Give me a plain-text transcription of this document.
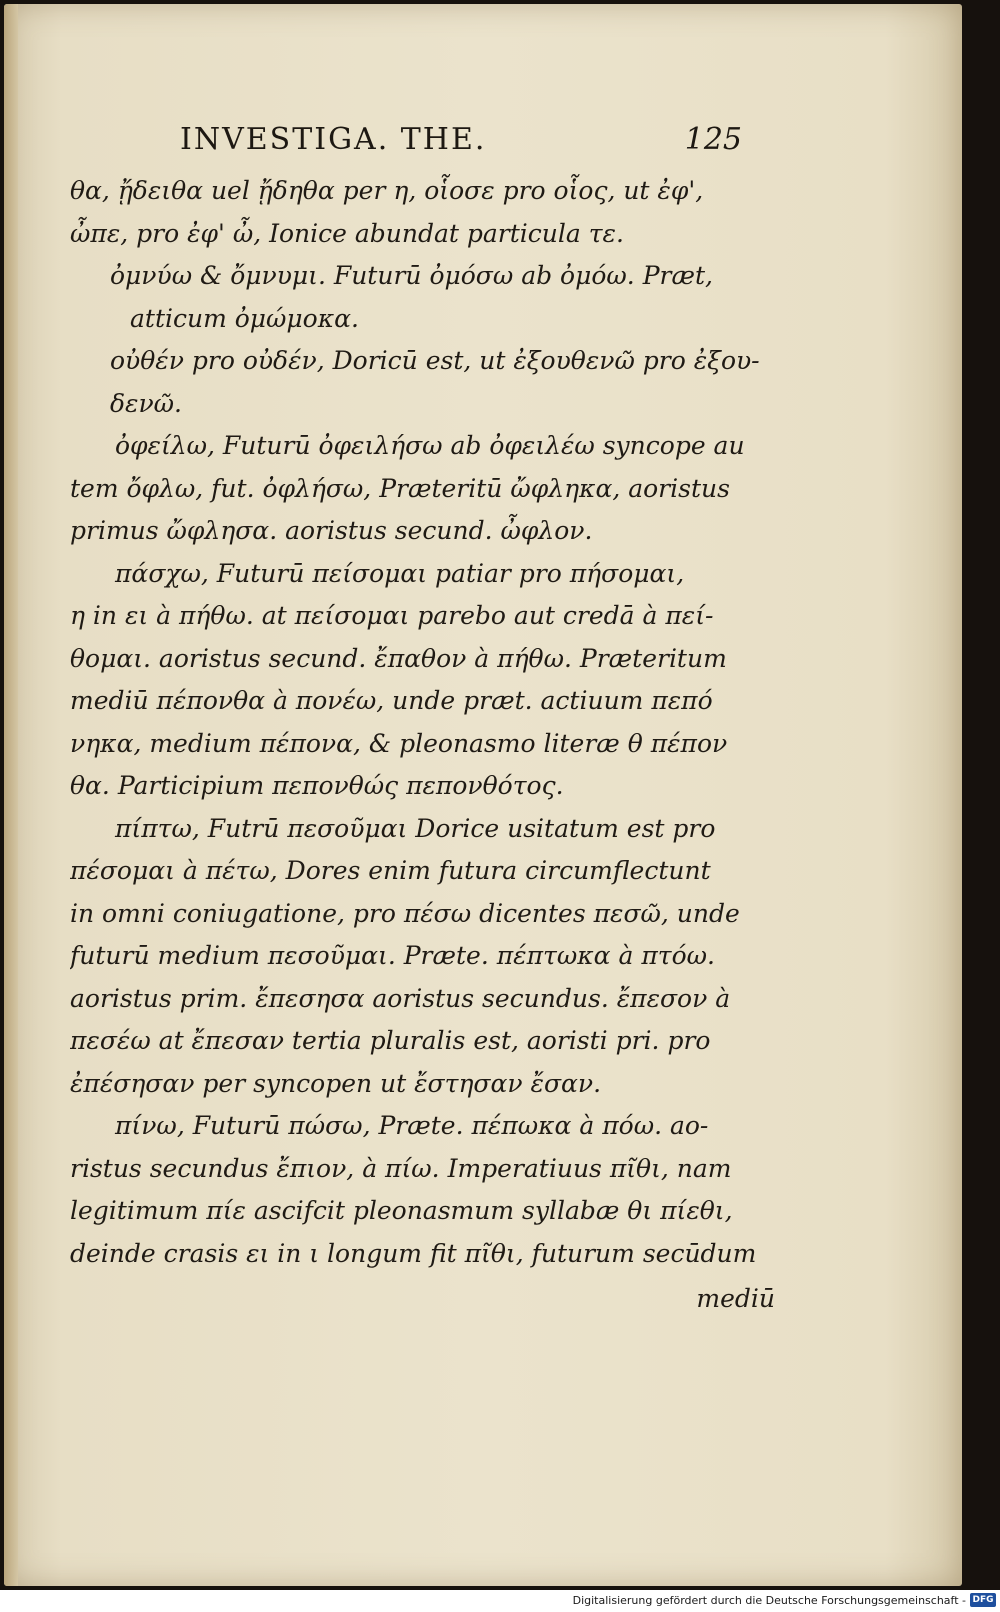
INVESTIGA. THE.	125
θα, ᾔδειθα uel ᾔδηθα per η, οἷοσε pro οἷος, ut ἐφ',
ὦπε, pro ἐφ' ὦ, Ionice abundat particula τε.
ὀμνύω & ὄμνυμι. Futurū ὀμόσω ab ὀμόω. Præt,
atticum ὀμώμοκα.
οὐθέν pro οὐδέν, Doricū est, ut ἐξουθενῶ pro ἐξου-
δενῶ.
ὀφείλω, Futurū ὀφειλήσω ab ὀφειλέω syncope au
tem ὄφλω, fut. ὀφλήσω, Præteritū ὤφληκα, aoristus
primus ὤφλησα. aoristus secund. ὦφλον.
πάσχω, Futurū πείσομαι patiar pro πήσομαι,
η in ει à πήθω. at πείσομαι parebo aut credā à πεί-
θομαι. aoristus secund. ἔπαθον à πήθω. Præteritum
mediū πέπονθα à πονέω, unde præt. actiuum πεπό
νηκα, medium πέπονα, & pleonasmo literæ θ πέπον
θα. Participium πεπονθώς πεπονθότος.
πίπτω, Futrū πεσοῦμαι Dorice usitatum est pro
πέσομαι à πέτω, Dores enim futura circumflectunt
in omni coniugatione, pro πέσω dicentes πεσῶ, unde
futurū medium πεσοῦμαι. Præte. πέπτωκα à πτόω.
aoristus prim. ἔπεσησα aoristus secundus. ἔπεσον à
πεσέω at ἔπεσαν tertia pluralis est, aoristi pri. pro
ἐπέσησαν per syncopen ut ἔστησαν ἔσαν.
πίνω, Futurū πώσω, Præte. πέπωκα à πόω. ao-
ristus secundus ἔπιον, à πίω. Imperatiuus πῖθι, nam
legitimum πίε ascifcit pleonasmum syllabæ θι πίεθι,
deinde crasis ει in ι longum fit πῖθι, futurum secūdum
mediū
Digitalisierung gefördert durch die Deutsche Forschungsgemeinschaft - DFG
